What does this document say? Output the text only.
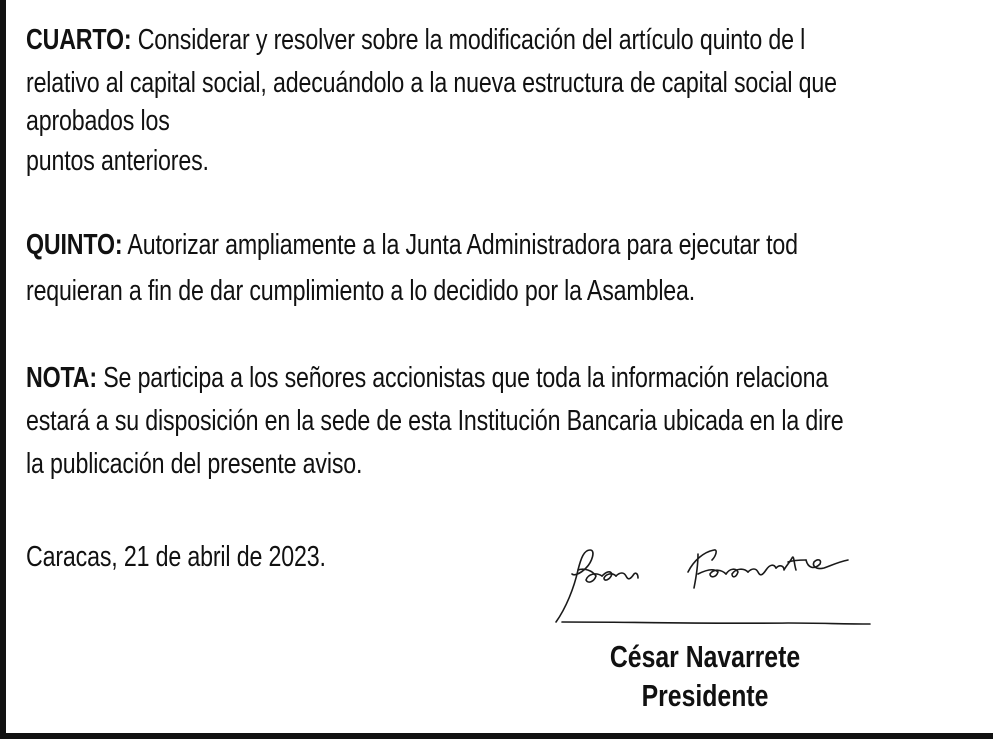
CUARTO: Considerar y resolver sobre la modificación del artículo quinto de l
relativo al capital social, adecuándolo a la nueva estructura de capital social que
aprobados los
puntos anteriores.
QUINTO: Autorizar ampliamente a la Junta Administradora para ejecutar tod
requieran a fin de dar cumplimiento a lo decidido por la Asamblea.
NOTA: Se participa a los señores accionistas que toda la información relaciona
estará a su disposición en la sede de esta Institución Bancaria ubicada en la dire
la publicación del presente aviso.
Caracas, 21 de abril de 2023.
César Navarrete
Presidente
